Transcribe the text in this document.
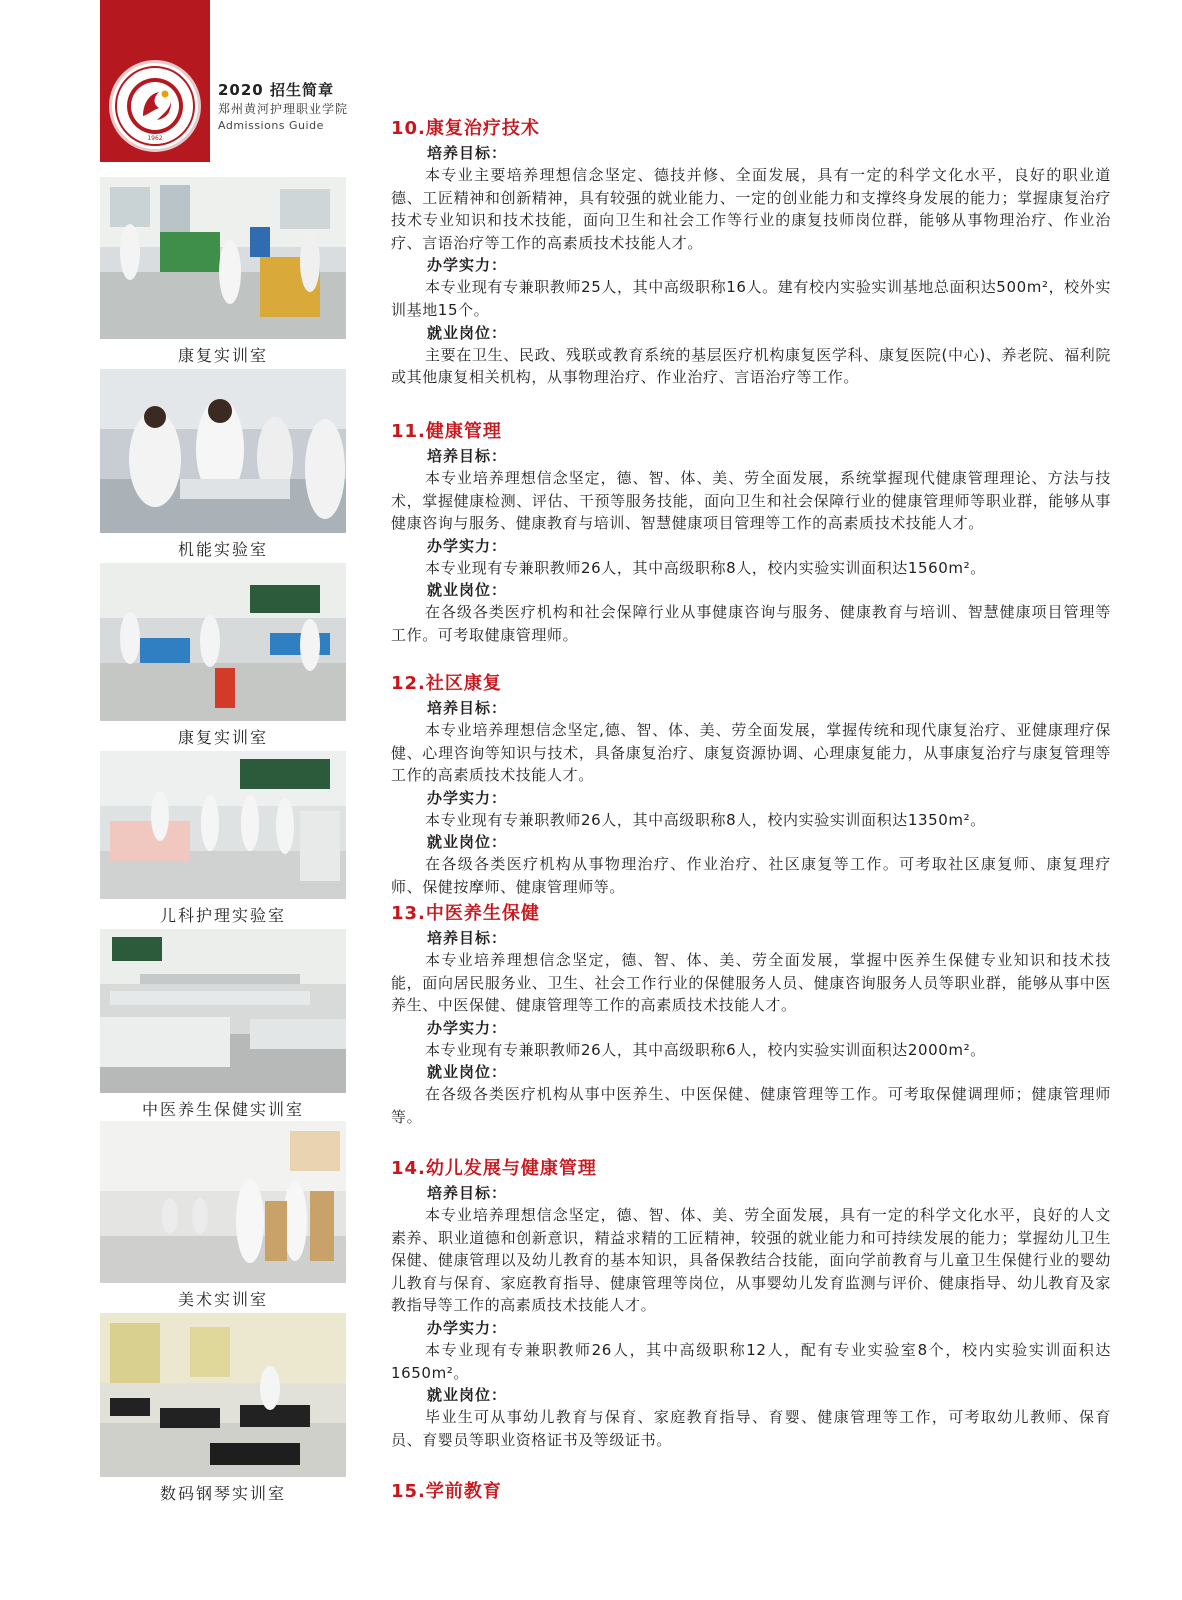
1962
2020 招生简章
郑州黄河护理职业学院
Admissions Guide
康复实训室
机能实验室
康复实训室
儿科护理实验室
中医养生保健实训室
美术实训室
数码钢琴实训室
10.康复治疗技术
培养目标：

本专业主要培养理想信念坚定、德技并修、全面发展，具有一定的科学文化水平，良好的职业道德、工匠精神和创新精神，具有较强的就业能力、一定的创业能力和支撑终身发展的能力；掌握康复治疗技术专业知识和技术技能，面向卫生和社会工作等行业的康复技师岗位群，能够从事物理治疗、作业治疗、言语治疗等工作的高素质技术技能人才。

办学实力：

本专业现有专兼职教师25人，其中高级职称16人。建有校内实验实训基地总面积达500m²，校外实训基地15个。

就业岗位：

主要在卫生、民政、残联或教育系统的基层医疗机构康复医学科、康复医院(中心)、养老院、福利院或其他康复相关机构，从事物理治疗、作业治疗、言语治疗等工作。

11.健康管理
培养目标：

本专业培养理想信念坚定，德、智、体、美、劳全面发展，系统掌握现代健康管理理论、方法与技术，掌握健康检测、评估、干预等服务技能，面向卫生和社会保障行业的健康管理师等职业群，能够从事健康咨询与服务、健康教育与培训、智慧健康项目管理等工作的高素质技术技能人才。

办学实力：

本专业现有专兼职教师26人，其中高级职称8人，校内实验实训面积达1560m²。

就业岗位：

在各级各类医疗机构和社会保障行业从事健康咨询与服务、健康教育与培训、智慧健康项目管理等工作。可考取健康管理师。

12.社区康复
培养目标：

本专业培养理想信念坚定,德、智、体、美、劳全面发展，掌握传统和现代康复治疗、亚健康理疗保健、心理咨询等知识与技术，具备康复治疗、康复资源协调、心理康复能力，从事康复治疗与康复管理等工作的高素质技术技能人才。

办学实力：

本专业现有专兼职教师26人，其中高级职称8人，校内实验实训面积达1350m²。

就业岗位：

在各级各类医疗机构从事物理治疗、作业治疗、社区康复等工作。可考取社区康复师、康复理疗师、保健按摩师、健康管理师等。

13.中医养生保健
培养目标：

本专业培养理想信念坚定，德、智、体、美、劳全面发展，掌握中医养生保健专业知识和技术技能，面向居民服务业、卫生、社会工作行业的保健服务人员、健康咨询服务人员等职业群，能够从事中医养生、中医保健、健康管理等工作的高素质技术技能人才。

办学实力：

本专业现有专兼职教师26人，其中高级职称6人，校内实验实训面积达2000m²。

就业岗位：

在各级各类医疗机构从事中医养生、中医保健、健康管理等工作。可考取保健调理师；健康管理师等。

14.幼儿发展与健康管理
培养目标：

本专业培养理想信念坚定，德、智、体、美、劳全面发展，具有一定的科学文化水平，良好的人文素养、职业道德和创新意识，精益求精的工匠精神，较强的就业能力和可持续发展的能力；掌握幼儿卫生保健、健康管理以及幼儿教育的基本知识，具备保教结合技能，面向学前教育与儿童卫生保健行业的婴幼儿教育与保育、家庭教育指导、健康管理等岗位，从事婴幼儿发育监测与评价、健康指导、幼儿教育及家教指导等工作的高素质技术技能人才。

办学实力：

本专业现有专兼职教师26人，其中高级职称12人，配有专业实验室8个，校内实验实训面积达1650m²。

就业岗位：

毕业生可从事幼儿教育与保育、家庭教育指导、育婴、健康管理等工作，可考取幼儿教师、保育员、育婴员等职业资格证书及等级证书。

15.学前教育
